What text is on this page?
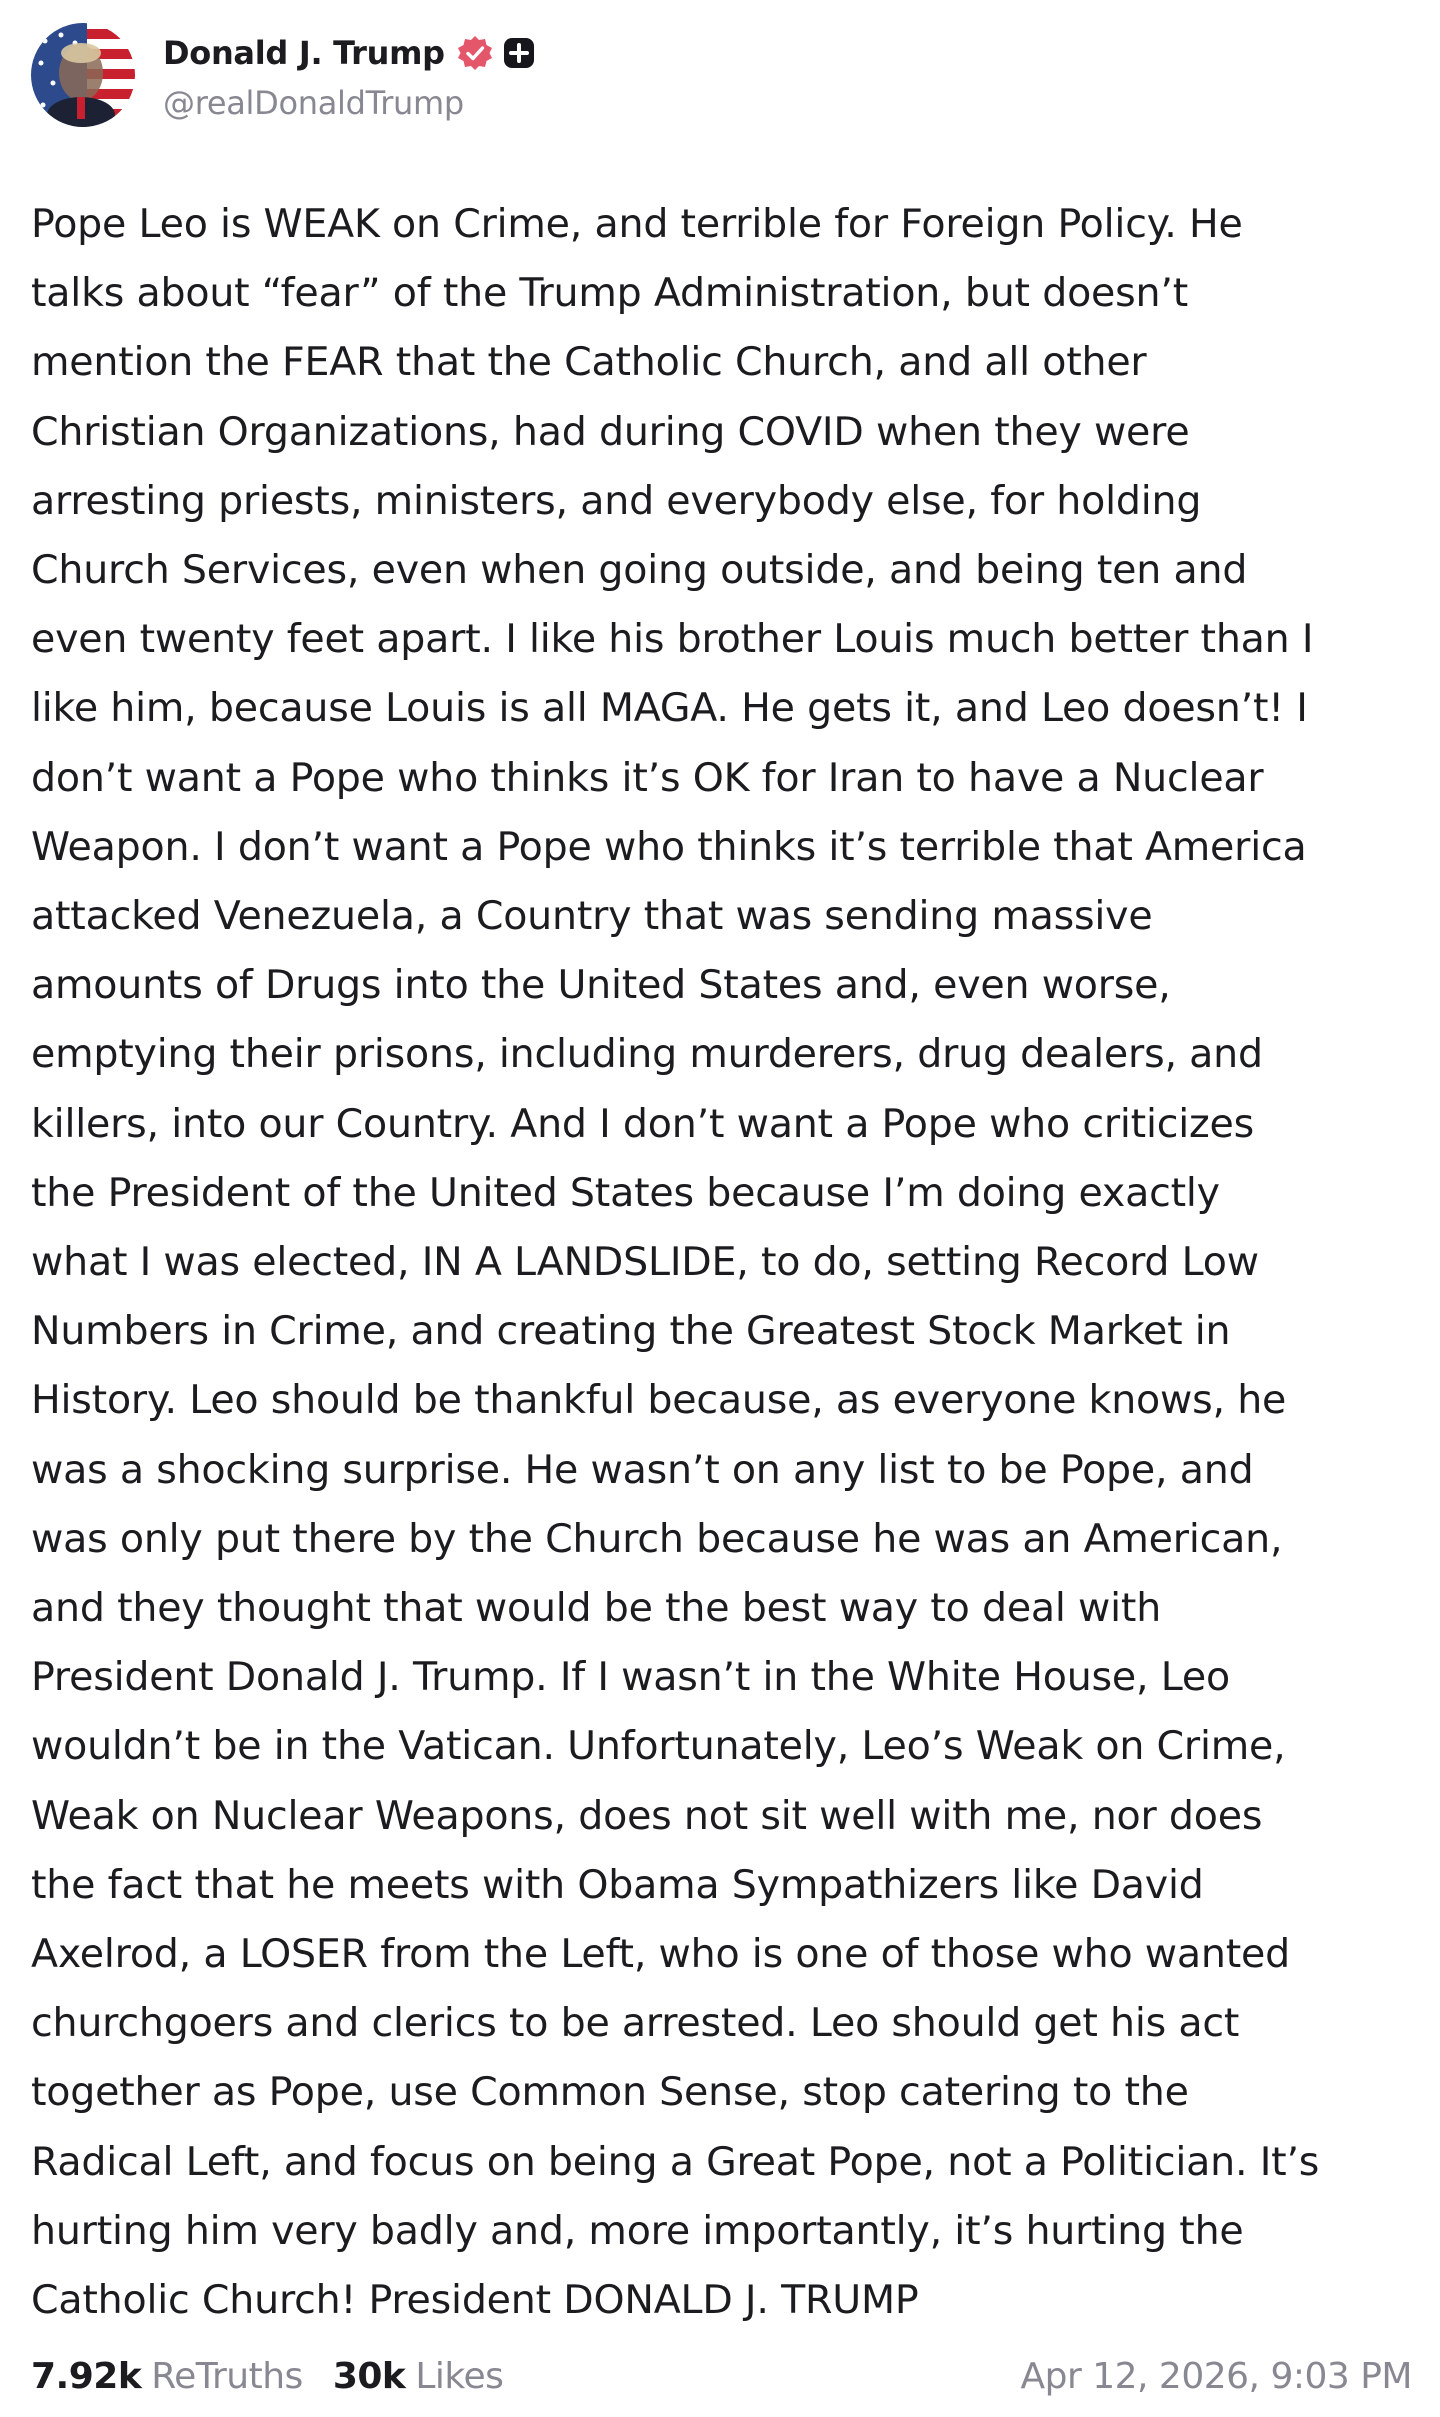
Donald J. Trump
@realDonaldTrump
Pope Leo is WEAK on Crime, and terrible for Foreign Policy. He
talks about “fear” of the Trump Administration, but doesn’t
mention the FEAR that the Catholic Church, and all other
Christian Organizations, had during COVID when they were
arresting priests, ministers, and everybody else, for holding
Church Services, even when going outside, and being ten and
even twenty feet apart. I like his brother Louis much better than I
like him, because Louis is all MAGA. He gets it, and Leo doesn’t! I
don’t want a Pope who thinks it’s OK for Iran to have a Nuclear
Weapon. I don’t want a Pope who thinks it’s terrible that America
attacked Venezuela, a Country that was sending massive
amounts of Drugs into the United States and, even worse,
emptying their prisons, including murderers, drug dealers, and
killers, into our Country. And I don’t want a Pope who criticizes
the President of the United States because I’m doing exactly
what I was elected, IN A LANDSLIDE, to do, setting Record Low
Numbers in Crime, and creating the Greatest Stock Market in
History. Leo should be thankful because, as everyone knows, he
was a shocking surprise. He wasn’t on any list to be Pope, and
was only put there by the Church because he was an American,
and they thought that would be the best way to deal with
President Donald J. Trump. If I wasn’t in the White House, Leo
wouldn’t be in the Vatican. Unfortunately, Leo’s Weak on Crime,
Weak on Nuclear Weapons, does not sit well with me, nor does
the fact that he meets with Obama Sympathizers like David
Axelrod, a LOSER from the Left, who is one of those who wanted
churchgoers and clerics to be arrested. Leo should get his act
together as Pope, use Common Sense, stop catering to the
Radical Left, and focus on being a Great Pope, not a Politician. It’s
hurting him very badly and, more importantly, it’s hurting the
Catholic Church! President DONALD J. TRUMP
7.92k ReTruths 30k Likes	Apr 12, 2026, 9:03 PM
